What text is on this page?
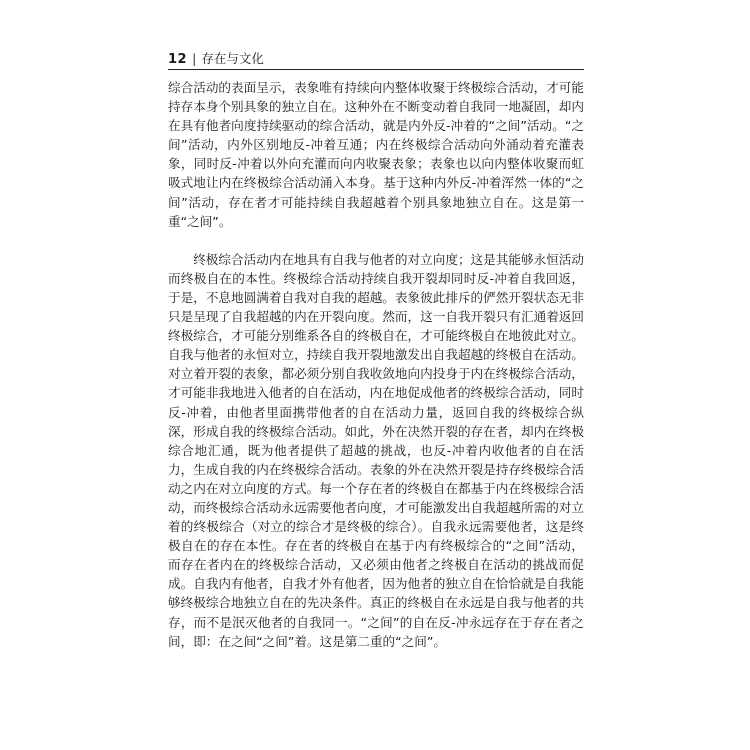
12 | 存在与文化

综合活动的表面呈示，表象唯有持续向内整体收聚于终极综合活动，才可能持存本身个别具象的独立自在。这种外在不断变动着自我同一地凝固，却内在具有他者向度持续驱动的综合活动，就是内外反-冲着的“之间”活动。“之间”活动，内外区别地反-冲着互通；内在终极综合活动向外涌动着充灌表象，同时反-冲着以外向充灌而向内收聚表象；表象也以向内整体收聚而虹吸式地让内在终极综合活动涌入本身。基于这种内外反-冲着浑然一体的“之间”活动，存在者才可能持续自我超越着个别具象地独立自在。这是第一重“之间”。

终极综合活动内在地具有自我与他者的对立向度；这是其能够永恒活动而终极自在的本性。终极综合活动持续自我开裂却同时反-冲着自我回返，于是，不息地圆满着自我对自我的超越。表象彼此排斥的俨然开裂状态无非只是呈现了自我超越的内在开裂向度。然而，这一自我开裂只有汇通着返回终极综合，才可能分别维系各自的终极自在，才可能终极自在地彼此对立。自我与他者的永恒对立，持续自我开裂地激发出自我超越的终极自在活动。对立着开裂的表象，都必须分别自我收敛地向内投身于内在终极综合活动，才可能非我地进入他者的自在活动，内在地促成他者的终极综合活动，同时反-冲着，由他者里面携带他者的自在活动力量，返回自我的终极综合纵深，形成自我的终极综合活动。如此，外在决然开裂的存在者，却内在终极综合地汇通，既为他者提供了超越的挑战，也反-冲着内收他者的自在活力，生成自我的内在终极综合活动。表象的外在决然开裂是持存终极综合活动之内在对立向度的方式。每一个存在者的终极自在都基于内在终极综合活动，而终极综合活动永远需要他者向度，才可能激发出自我超越所需的对立着的终极综合（对立的综合才是终极的综合）。自我永远需要他者，这是终极自在的存在本性。存在者的终极自在基于内有终极综合的“之间”活动，而存在者内在的终极综合活动，又必须由他者之终极自在活动的挑战而促成。自我内有他者，自我才外有他者，因为他者的独立自在恰恰就是自我能够终极综合地独立自在的先决条件。真正的终极自在永远是自我与他者的共存，而不是泯灭他者的自我同一。“之间”的自在反-冲永远存在于存在者之间，即：在之间“之间”着。这是第二重的“之间”。
